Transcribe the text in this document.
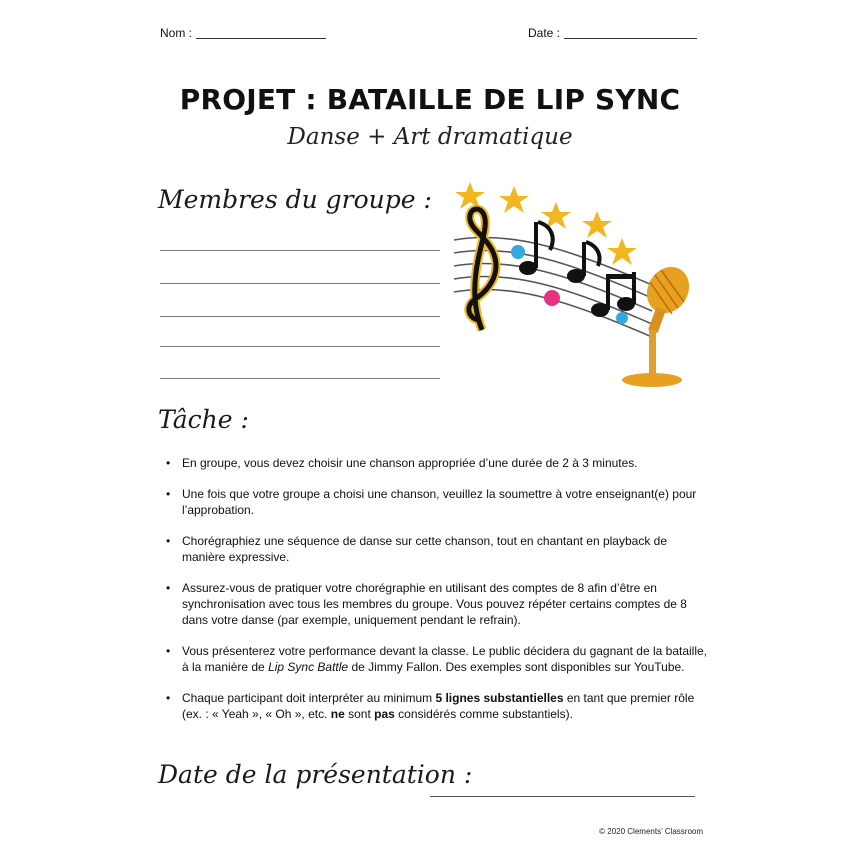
Nom :	Date :
PROJET : BATAILLE DE LIP SYNC
Danse + Art dramatique
Membres du groupe :
Tâche :
• En groupe, vous devez choisir une chanson appropriée d’une durée de 2 à 3 minutes.
• Une fois que votre groupe a choisi une chanson, veuillez la soumettre à votre enseignant(e) pour l’approbation.
• Chorégraphiez une séquence de danse sur cette chanson, tout en chantant en playback de manière expressive.
• Assurez-vous de pratiquer votre chorégraphie en utilisant des comptes de 8 afin d’être en synchronisation avec tous les membres du groupe. Vous pouvez répéter certains comptes de 8 dans votre danse (par exemple, uniquement pendant le refrain).
• Vous présenterez votre performance devant la classe. Le public décidera du gagnant de la bataille, à la manière de Lip Sync Battle de Jimmy Fallon. Des exemples sont disponibles sur YouTube.
• Chaque participant doit interpréter au minimum 5 lignes substantielles en tant que premier rôle (ex. : « Yeah », « Oh », etc. ne sont pas considérés comme substantiels).
Date de la présentation :
© 2020 Clements’ Classroom
